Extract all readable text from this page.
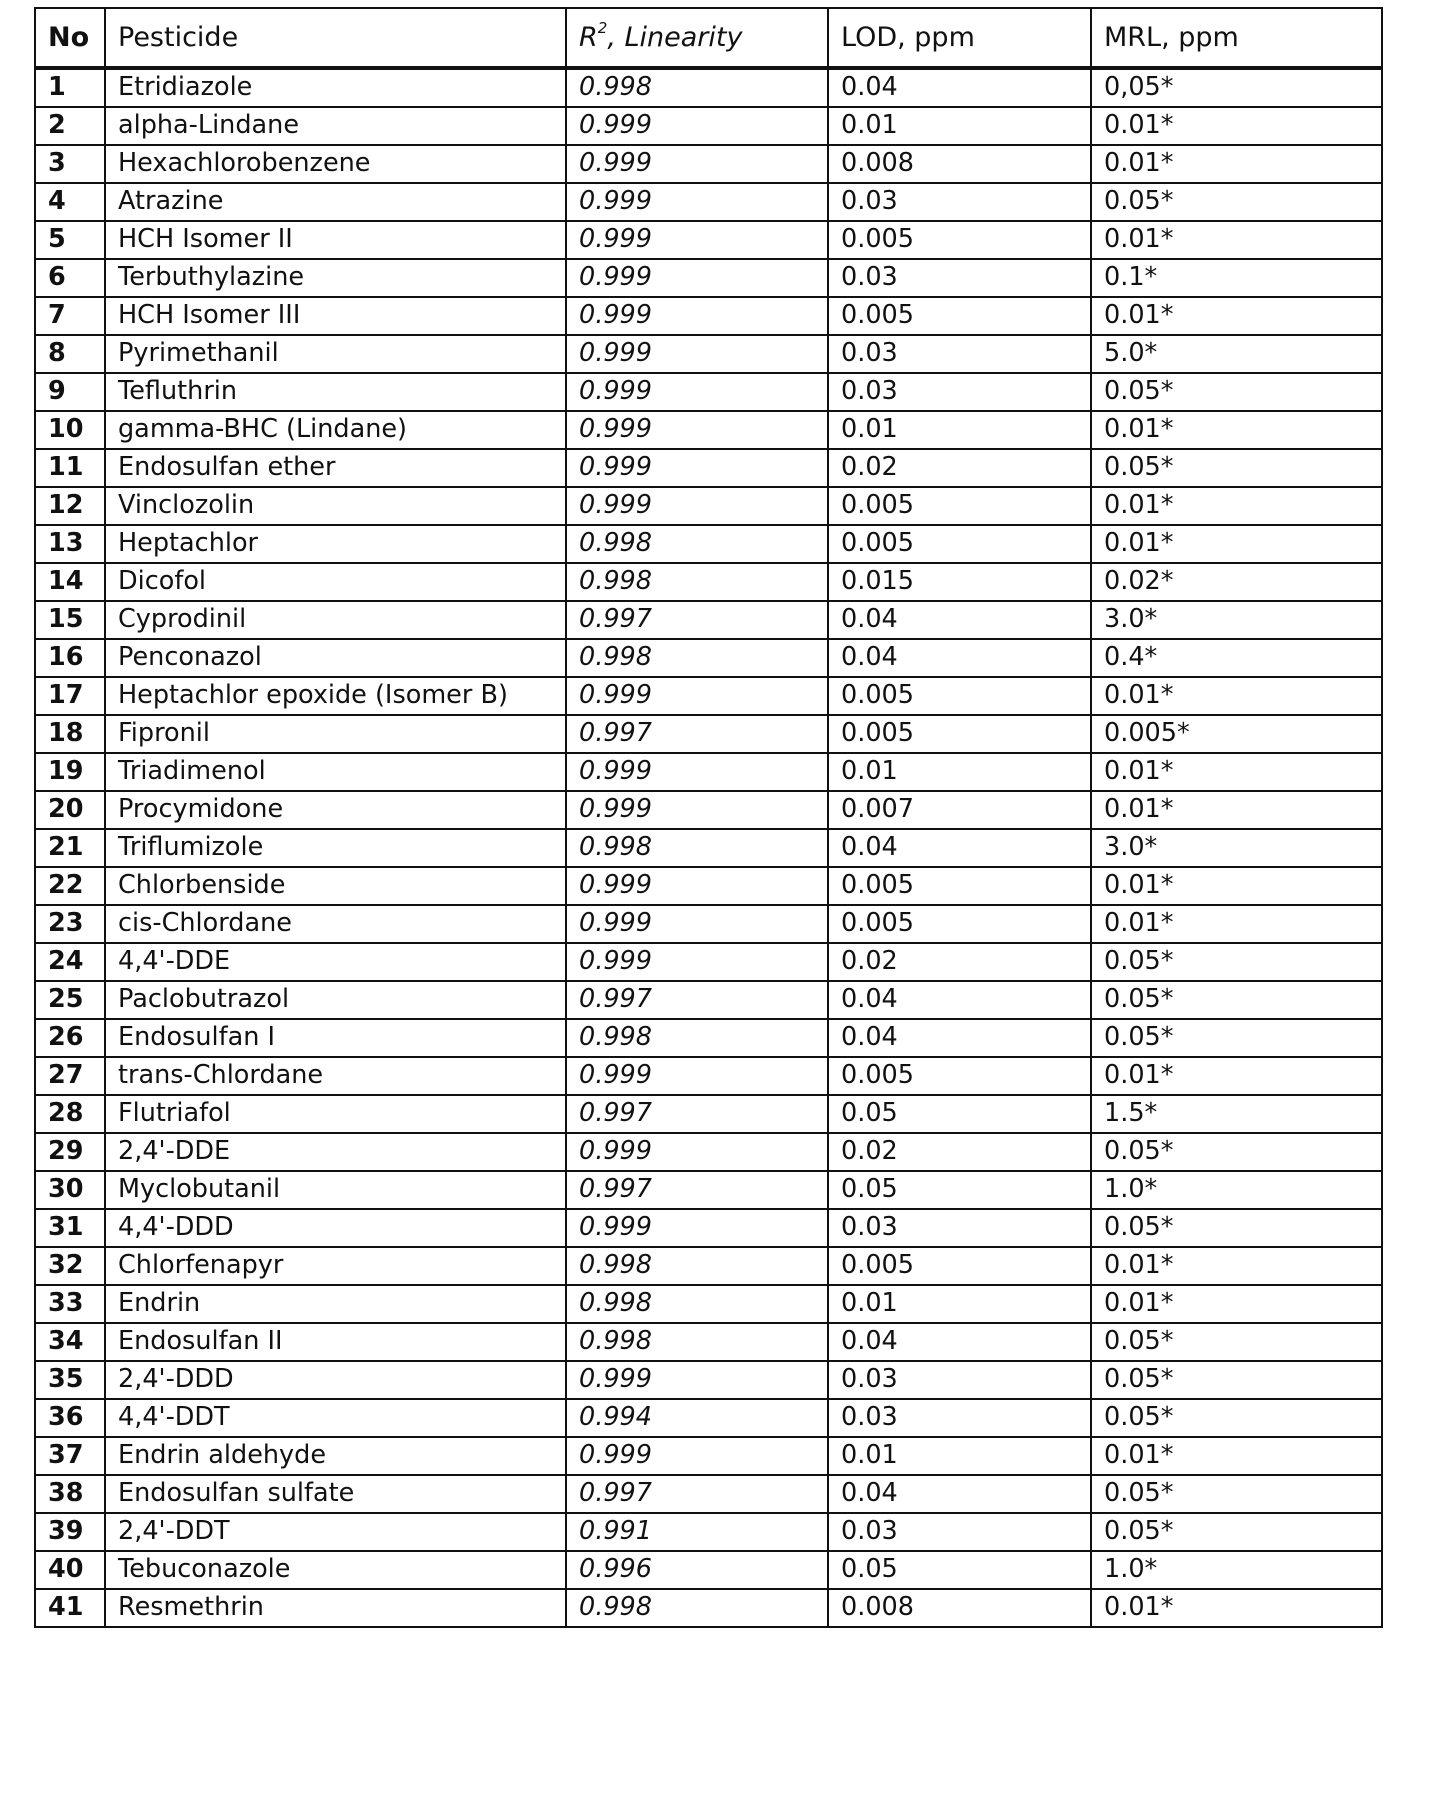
No	Pesticide	$R^2$, Linearity	LOD, ppm	MRL, ppm
1	Etridiazole	0.998	0.04	0,05*
2	alpha-Lindane	0.999	0.01	0.01*
3	Hexachlorobenzene	0.999	0.008	0.01*
4	Atrazine	0.999	0.03	0.05*
5	HCH Isomer II	0.999	0.005	0.01*
6	Terbuthylazine	0.999	0.03	0.1*
7	HCH Isomer III	0.999	0.005	0.01*
8	Pyrimethanil	0.999	0.03	5.0*
9	Tefluthrin	0.999	0.03	0.05*
10	gamma-BHC (Lindane)	0.999	0.01	0.01*
11	Endosulfan ether	0.999	0.02	0.05*
12	Vinclozolin	0.999	0.005	0.01*
13	Heptachlor	0.998	0.005	0.01*
14	Dicofol	0.998	0.015	0.02*
15	Cyprodinil	0.997	0.04	3.0*
16	Penconazol	0.998	0.04	0.4*
17	Heptachlor epoxide (Isomer B)	0.999	0.005	0.01*
18	Fipronil	0.997	0.005	0.005*
19	Triadimenol	0.999	0.01	0.01*
20	Procymidone	0.999	0.007	0.01*
21	Triflumizole	0.998	0.04	3.0*
22	Chlorbenside	0.999	0.005	0.01*
23	cis-Chlordane	0.999	0.005	0.01*
24	4,4'-DDE	0.999	0.02	0.05*
25	Paclobutrazol	0.997	0.04	0.05*
26	Endosulfan I	0.998	0.04	0.05*
27	trans-Chlordane	0.999	0.005	0.01*
28	Flutriafol	0.997	0.05	1.5*
29	2,4'-DDE	0.999	0.02	0.05*
30	Myclobutanil	0.997	0.05	1.0*
31	4,4'-DDD	0.999	0.03	0.05*
32	Chlorfenapyr	0.998	0.005	0.01*
33	Endrin	0.998	0.01	0.01*
34	Endosulfan II	0.998	0.04	0.05*
35	2,4'-DDD	0.999	0.03	0.05*
36	4,4'-DDT	0.994	0.03	0.05*
37	Endrin aldehyde	0.999	0.01	0.01*
38	Endosulfan sulfate	0.997	0.04	0.05*
39	2,4'-DDT	0.991	0.03	0.05*
40	Tebuconazole	0.996	0.05	1.0*
41	Resmethrin	0.998	0.008	0.01*
